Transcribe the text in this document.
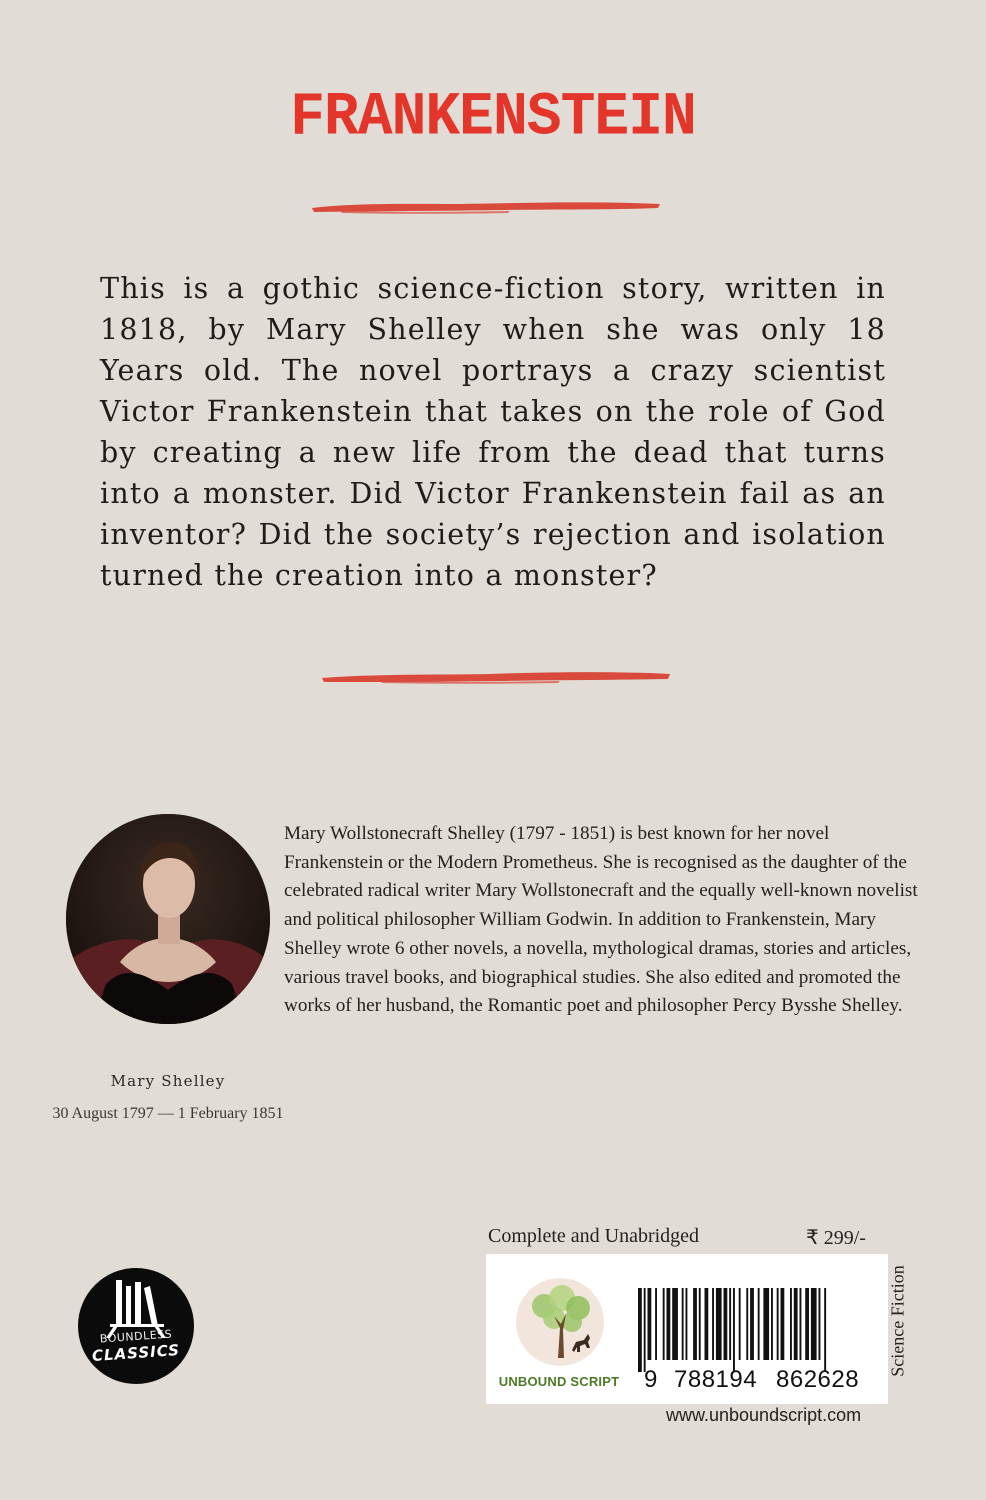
FRANKENSTEIN
This is a gothic science-fiction story, written in 1818, by Mary Shelley when she was only 18 Years old. The novel portrays a crazy scientist Victor Frankenstein that takes on the role of God by creating a new life from the dead that turns into a monster. Did Victor Frankenstein fail as an inventor? Did the society’s rejection and isolation turned the creation into a monster?
Mary Shelley
30 August 1797 — 1 February 1851
Mary Wollstonecraft Shelley (1797 - 1851) is best known for her novel Frankenstein or the Modern Prometheus. She is recognised as the daughter of the celebrated radical writer Mary Wollstonecraft and the equally well-known novelist and political philosopher William Godwin. In addition to Frankenstein, Mary Shelley wrote 6 other novels, a novella, mythological dramas, stories and articles, various travel books, and biographical studies. She also edited and promoted the works of her husband, the Romantic poet and philosopher Percy Bysshe Shelley.
BOUNDLESS
CLASSICS
Complete and Unabridged	₹ 299/-
UNBOUND SCRIPT 9 788194 862628
Science Fiction
www.unboundscript.com
